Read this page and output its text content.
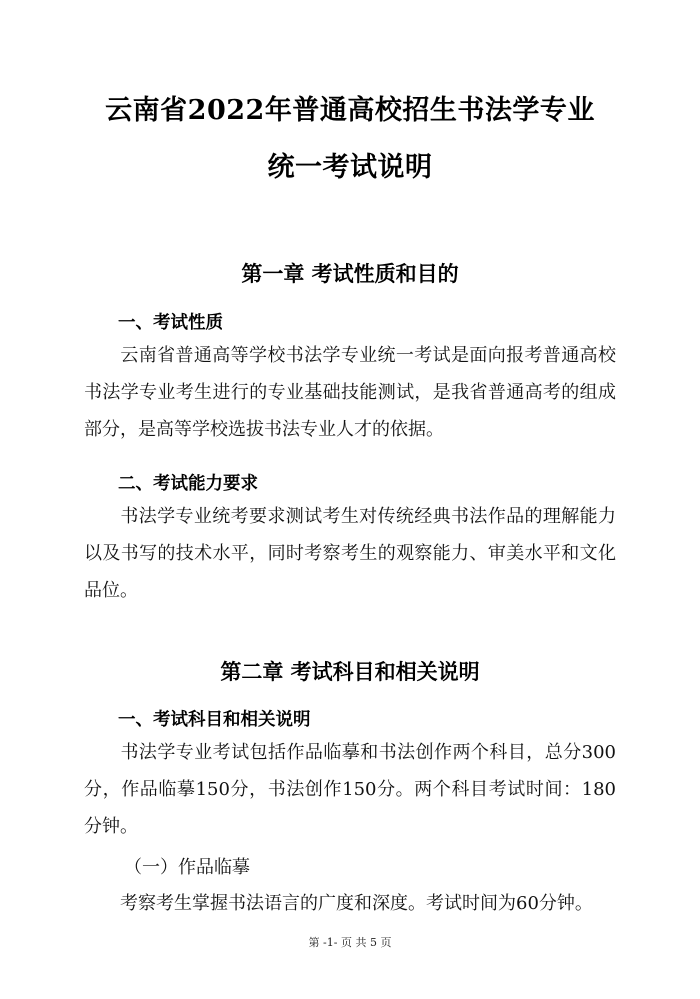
云南省2022年普通高校招生书法学专业
统一考试说明
第一章 考试性质和目的
一、考试性质
云南省普通高等学校书法学专业统一考试是面向报考普通高校书法学专业考生进行的专业基础技能测试，是我省普通高考的组成部分，是高等学校选拔书法专业人才的依据。
二、考试能力要求
书法学专业统考要求测试考生对传统经典书法作品的理解能力以及书写的技术水平，同时考察考生的观察能力、审美水平和文化品位。
第二章 考试科目和相关说明
一、考试科目和相关说明
书法学专业考试包括作品临摹和书法创作两个科目，总分300分，作品临摹150分，书法创作150分。两个科目考试时间：180分钟。
（一）作品临摹
考察考生掌握书法语言的广度和深度。考试时间为60分钟。
第 -1- 页 共 5 页
